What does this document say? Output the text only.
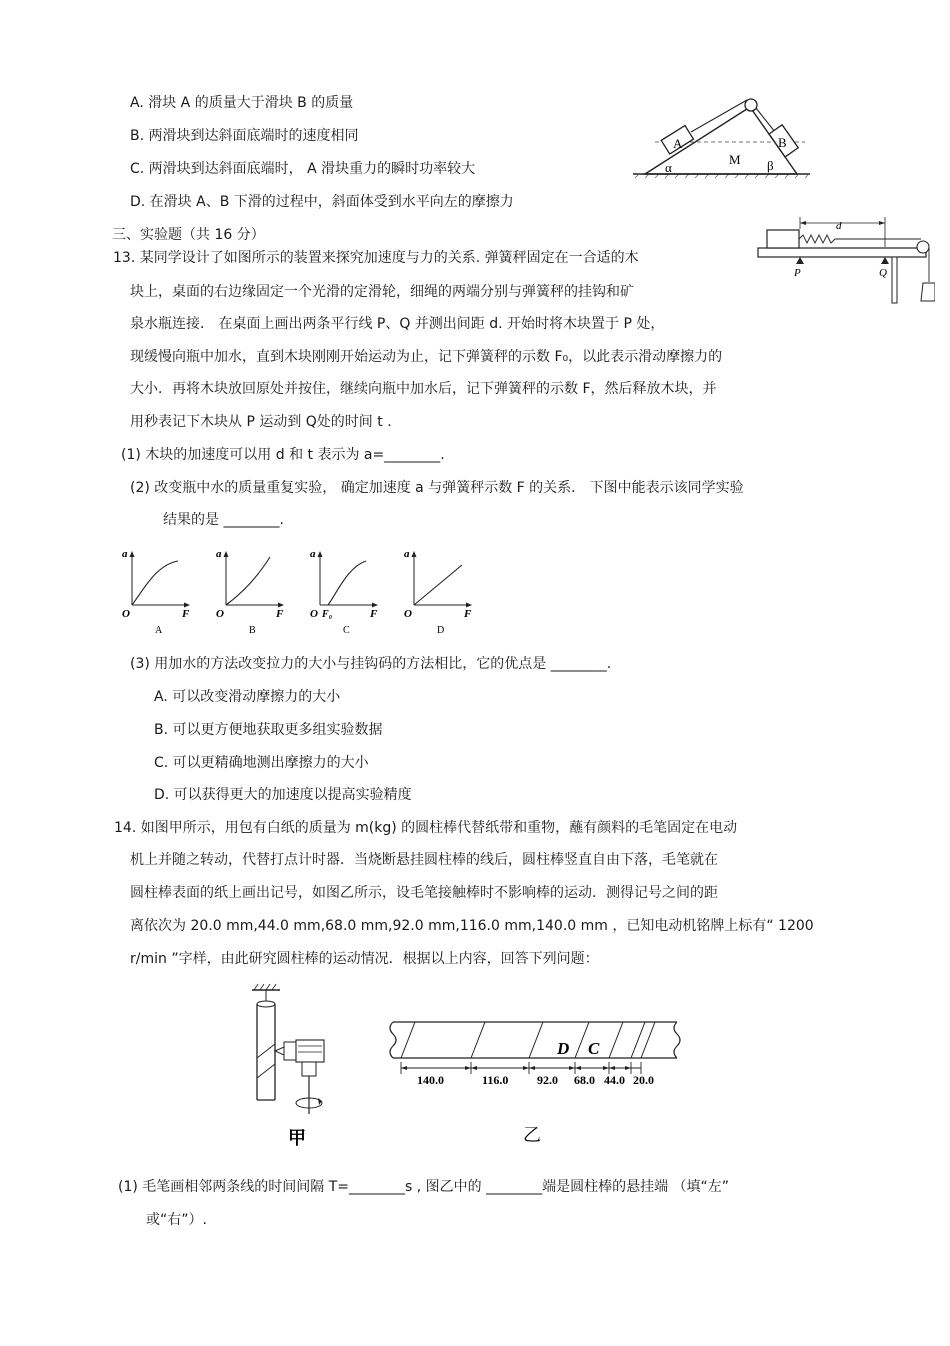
A. 滑块 A 的质量大于滑块 B 的质量
B. 两滑块到达斜面底端时的速度相同
C. 两滑块到达斜面底端时， A 滑块重力的瞬时功率较大
D. 在滑块 A、B 下滑的过程中，斜面体受到水平向左的摩擦力
A	B
M
α	β
三、实验题（共 16 分）
d
P	Q
13. 某同学设计了如图所示的装置来探究加速度与力的关系. 弹簧秤固定在一合适的木
块上，桌面的右边缘固定一个光滑的定滑轮，细绳的两端分别与弹簧秤的挂钩和矿
泉水瓶连接． 在桌面上画出两条平行线 P、Q 并测出间距 d. 开始时将木块置于 P 处，
现缓慢向瓶中加水，直到木块刚刚开始运动为止，记下弹簧秤的示数 F₀，以此表示滑动摩擦力的
大小．再将木块放回原处并按住，继续向瓶中加水后，记下弹簧秤的示数 F，然后释放木块，并
用秒表记下木块从 P 运动到 Q处的时间 t .
(1) 木块的加速度可以用 d 和 t 表示为 a=________.
(2) 改变瓶中水的质量重复实验， 确定加速度 a 与弹簧秤示数 F 的关系． 下图中能表示该同学实验
结果的是 ________.
a
O	F
A
a
O	F
B
a
O F₀	F
C
a
O	F
D
(3) 用加水的方法改变拉力的大小与挂钩码的方法相比，它的优点是 ________.
A. 可以改变滑动摩擦力的大小
B. 可以更方便地获取更多组实验数据
C. 可以更精确地测出摩擦力的大小
D. 可以获得更大的加速度以提高实验精度
14. 如图甲所示，用包有白纸的质量为 m(kg) 的圆柱棒代替纸带和重物，蘸有颜料的毛笔固定在电动
机上并随之转动，代替打点计时器．当烧断悬挂圆柱棒的线后，圆柱棒竖直自由下落，毛笔就在
圆柱棒表面的纸上画出记号，如图乙所示，设毛笔接触棒时不影响棒的运动．测得记号之间的距
离依次为 20.0 mm,44.0 mm,68.0 mm,92.0 mm,116.0 mm,140.0 mm ，已知电动机铭牌上标有“ 1200
r/min ”字样，由此研究圆柱棒的运动情况．根据以上内容，回答下列问题：
甲
D C
140.0	116.0 92.0 68.0 44.0 20.0
乙
(1) 毛笔画相邻两条线的时间间隔 T=________s , 图乙中的 ________端是圆柱棒的悬挂端 （填“左”
或“右”）.
